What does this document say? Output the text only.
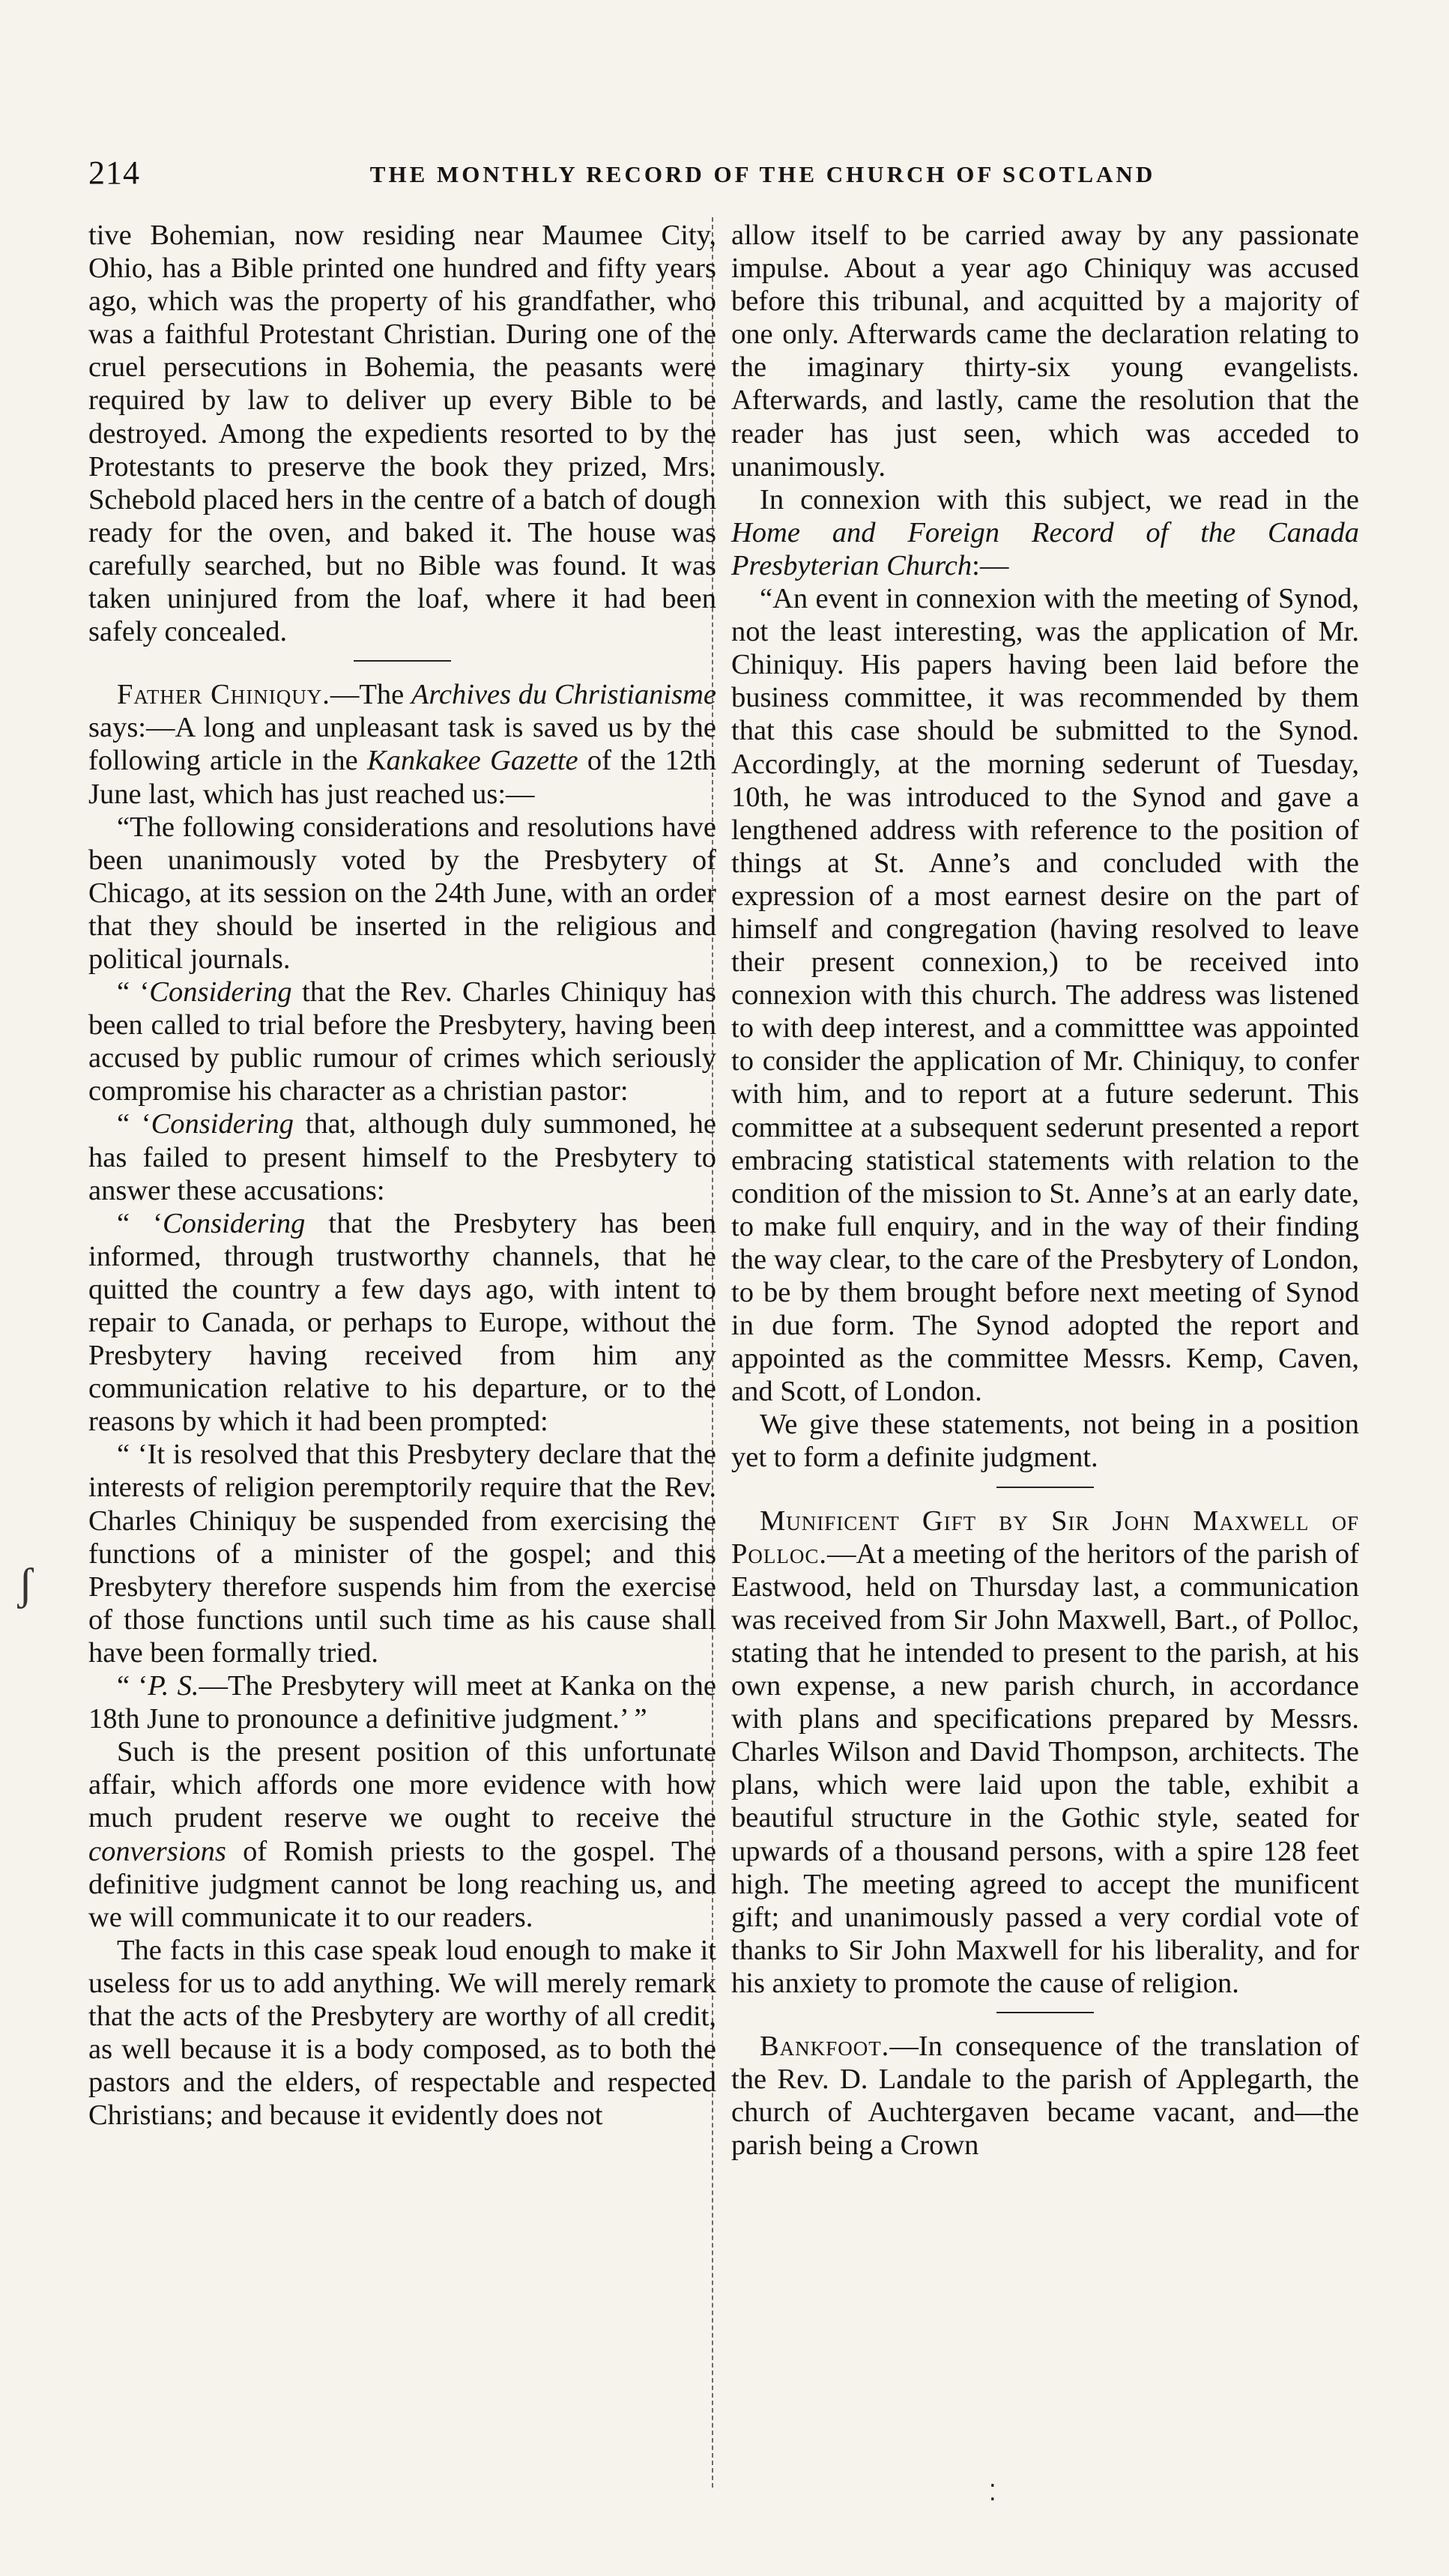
214	THE MONTHLY RECORD OF THE CHURCH OF SCOTLAND
ʃ
⁚

tive Bohemian, now residing near Maumee City, Ohio, has a Bible printed one hundred and fifty years ago, which was the property of his grandfather, who was a faithful Protestant Christian. During one of the cruel persecutions in Bohemia, the peasants were required by law to deliver up every Bible to be destroyed. Among the expedients resorted to by the Protestants to preserve the book they prized, Mrs. Schebold placed hers in the centre of a batch of dough ready for the oven, and baked it. The house was carefully searched, but no Bible was found. It was taken uninjured from the loaf, where it had been safely concealed.

Father Chiniquy.—The Archives du Christianisme says:—A long and unpleasant task is saved us by the following article in the Kankakee Gazette of the 12th June last, which has just reached us:—

“The following considerations and resolutions have been unanimously voted by the Presbytery of Chicago, at its session on the 24th June, with an order that they should be inserted in the religious and political journals.

“ ‘Considering that the Rev. Charles Chiniquy has been called to trial before the Presbytery, having been accused by public rumour of crimes which seriously compromise his character as a christian pastor:

“ ‘Considering that, although duly summoned, he has failed to present himself to the Presbytery to answer these accusations:

“ ‘Considering that the Presbytery has been informed, through trustworthy channels, that he quitted the country a few days ago, with intent to repair to Canada, or perhaps to Europe, without the Presbytery having received from him any communication relative to his departure, or to the reasons by which it had been prompted:

“ ‘It is resolved that this Presbytery declare that the interests of religion peremptorily require that the Rev. Charles Chiniquy be suspended from exercising the functions of a minister of the gospel; and this Presbytery therefore suspends him from the exercise of those functions until such time as his cause shall have been formally tried.

“ ‘P. S.—The Presbytery will meet at Kanka on the 18th June to pronounce a definitive judgment.’ ”

Such is the present position of this unfortunate affair, which affords one more evidence with how much prudent reserve we ought to receive the conversions of Romish priests to the gospel. The definitive judgment cannot be long reaching us, and we will communicate it to our readers.

The facts in this case speak loud enough to make it useless for us to add anything. We will merely remark that the acts of the Presbytery are worthy of all credit, as well because it is a body composed, as to both the pastors and the elders, of respectable and respected Christians; and because it evidently does not

allow itself to be carried away by any passionate impulse. About a year ago Chiniquy was accused before this tribunal, and acquitted by a majority of one only. Afterwards came the declaration relating to the imaginary thirty-six young evangelists. Afterwards, and lastly, came the resolution that the reader has just seen, which was acceded to unanimously.

In connexion with this subject, we read in the Home and Foreign Record of the Canada Presbyterian Church:—

“An event in connexion with the meeting of Synod, not the least interesting, was the application of Mr. Chiniquy. His papers having been laid before the business committee, it was recommended by them that this case should be submitted to the Synod. Accordingly, at the morning sederunt of Tuesday, 10th, he was introduced to the Synod and gave a lengthened address with reference to the position of things at St. Anne’s and concluded with the expression of a most earnest desire on the part of himself and congregation (having resolved to leave their present connexion,) to be received into connexion with this church. The address was listened to with deep interest, and a committtee was appointed to consider the application of Mr. Chiniquy, to confer with him, and to report at a future sederunt. This committee at a subsequent sederunt presented a report embracing statistical statements with relation to the condition of the mission to St. Anne’s at an early date, to make full enquiry, and in the way of their finding the way clear, to the care of the Presbytery of London, to be by them brought before next meeting of Synod in due form. The Synod adopted the report and appointed as the committee Messrs. Kemp, Caven, and Scott, of London.

We give these statements, not being in a position yet to form a definite judgment.

Munificent Gift by Sir John Maxwell of Polloc.—At a meeting of the heritors of the parish of Eastwood, held on Thursday last, a communication was received from Sir John Maxwell, Bart., of Polloc, stating that he intended to present to the parish, at his own expense, a new parish church, in accordance with plans and specifications prepared by Messrs. Charles Wilson and David Thompson, architects. The plans, which were laid upon the table, exhibit a beautiful structure in the Gothic style, seated for upwards of a thousand persons, with a spire 128 feet high. The meeting agreed to accept the munificent gift; and unanimously passed a very cordial vote of thanks to Sir John Maxwell for his liberality, and for his anxiety to promote the cause of religion.

Bankfoot.—In consequence of the translation of the Rev. D. Landale to the parish of Applegarth, the church of Auchtergaven became vacant, and—the parish being a Crown
